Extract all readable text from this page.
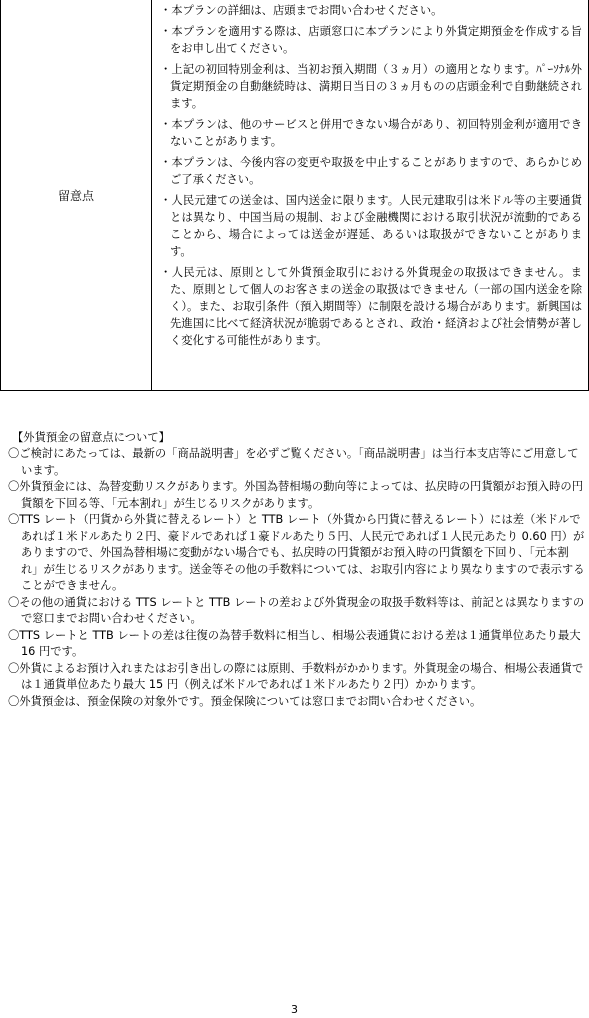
留意点

・本プランの詳細は、店頭までお問い合わせください。

・本プランを適用する際は、店頭窓口に本プランにより外貨定期預金を作成する旨をお申し出てください。

・上記の初回特別金利は、当初お預入期間（３ヵ月）の適用となります。ﾊﾟｰｿﾅﾙ外貨定期預金の自動継続時は、満期日当日の３ヵ月ものの店頭金利で自動継続されます。

・本プランは、他のサービスと併用できない場合があり、初回特別金利が適用できないことがあります。

・本プランは、今後内容の変更や取扱を中止することがありますので、あらかじめご了承ください。

・人民元建ての送金は、国内送金に限ります。人民元建取引は米ドル等の主要通貨とは異なり、中国当局の規制、および金融機関における取引状況が流動的であることから、場合によっては送金が遅延、あるいは取扱ができないことがあります。

・人民元は、原則として外貨預金取引における外貨現金の取扱はできません。また、原則として個人のお客さまの送金の取扱はできません（一部の国内送金を除く）。また、お取引条件（預入期間等）に制限を設ける場合があります。新興国は先進国に比べて経済状況が脆弱であるとされ、政治・経済および社会情勢が著しく変化する可能性があります。

【外貨預金の留意点について】

〇ご検討にあたっては、最新の「商品説明書」を必ずご覧ください。「商品説明書」は当行本支店等にご用意しています。

〇外貨預金には、為替変動リスクがあります。外国為替相場の動向等によっては、払戻時の円貨額がお預入時の円貨額を下回る等、「元本割れ」が生じるリスクがあります。

〇TTS レート（円貨から外貨に替えるレート）と TTB レート（外貨から円貨に替えるレート）には差（米ドルであれば１米ドルあたり２円、豪ドルであれば１豪ドルあたり５円、人民元であれば１人民元あたり 0.60 円）がありますので、外国為替相場に変動がない場合でも、払戻時の円貨額がお預入時の円貨額を下回り、「元本割れ」が生じるリスクがあります。送金等その他の手数料については、お取引内容により異なりますので表示することができません。

〇その他の通貨における TTS レートと TTB レートの差および外貨現金の取扱手数料等は、前記とは異なりますので窓口までお問い合わせください。

〇TTS レートと TTB レートの差は往復の為替手数料に相当し、相場公表通貨における差は１通貨単位あたり最大 16 円です。

〇外貨によるお預け入れまたはお引き出しの際には原則、手数料がかかります。外貨現金の場合、相場公表通貨では１通貨単位あたり最大 15 円（例えば米ドルであれば１米ドルあたり２円）かかります。

〇外貨預金は、預金保険の対象外です。預金保険については窓口までお問い合わせください。

3
